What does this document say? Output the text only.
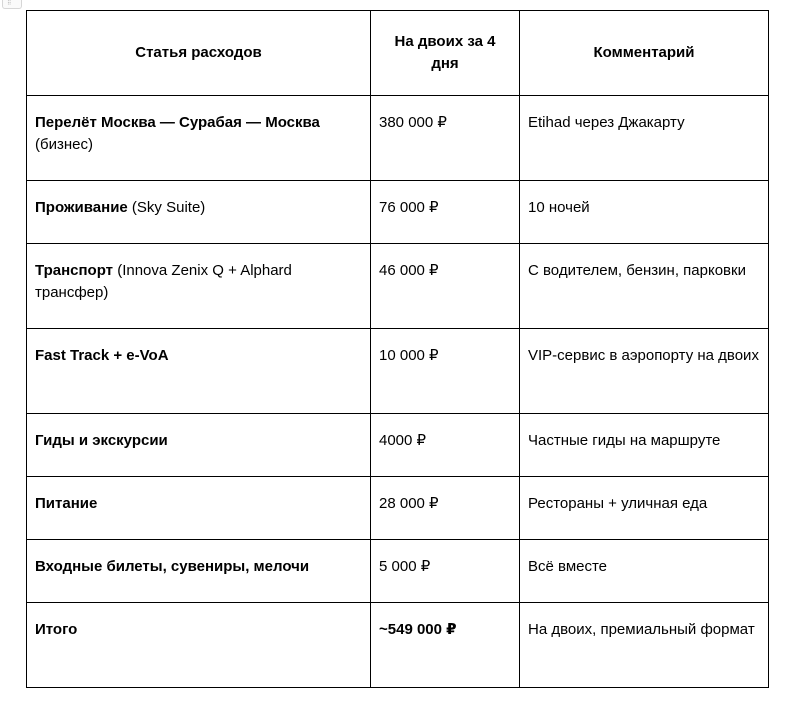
⠿
Статья расходов	На двоих за 4 дня	Комментарий
Перелёт Москва — Сурабая — Москва (бизнес)	380 000 ₽	Etihad через Джакарту
Проживание (Sky Suite)	76 000 ₽	10 ночей
Транспорт (Innova Zenix Q + Alphard трансфер)	46 000 ₽	С водителем, бензин, парковки
Fast Track + e-VoA	10 000 ₽	VIP-сервис в аэропорту на двоих
Гиды и экскурсии	4000 ₽	Частные гиды на маршруте
Питание	28 000 ₽	Рестораны + уличная еда
Входные билеты, сувениры, мелочи	5 000 ₽	Всё вместе
Итого	~549 000 ₽	На двоих, премиальный формат
